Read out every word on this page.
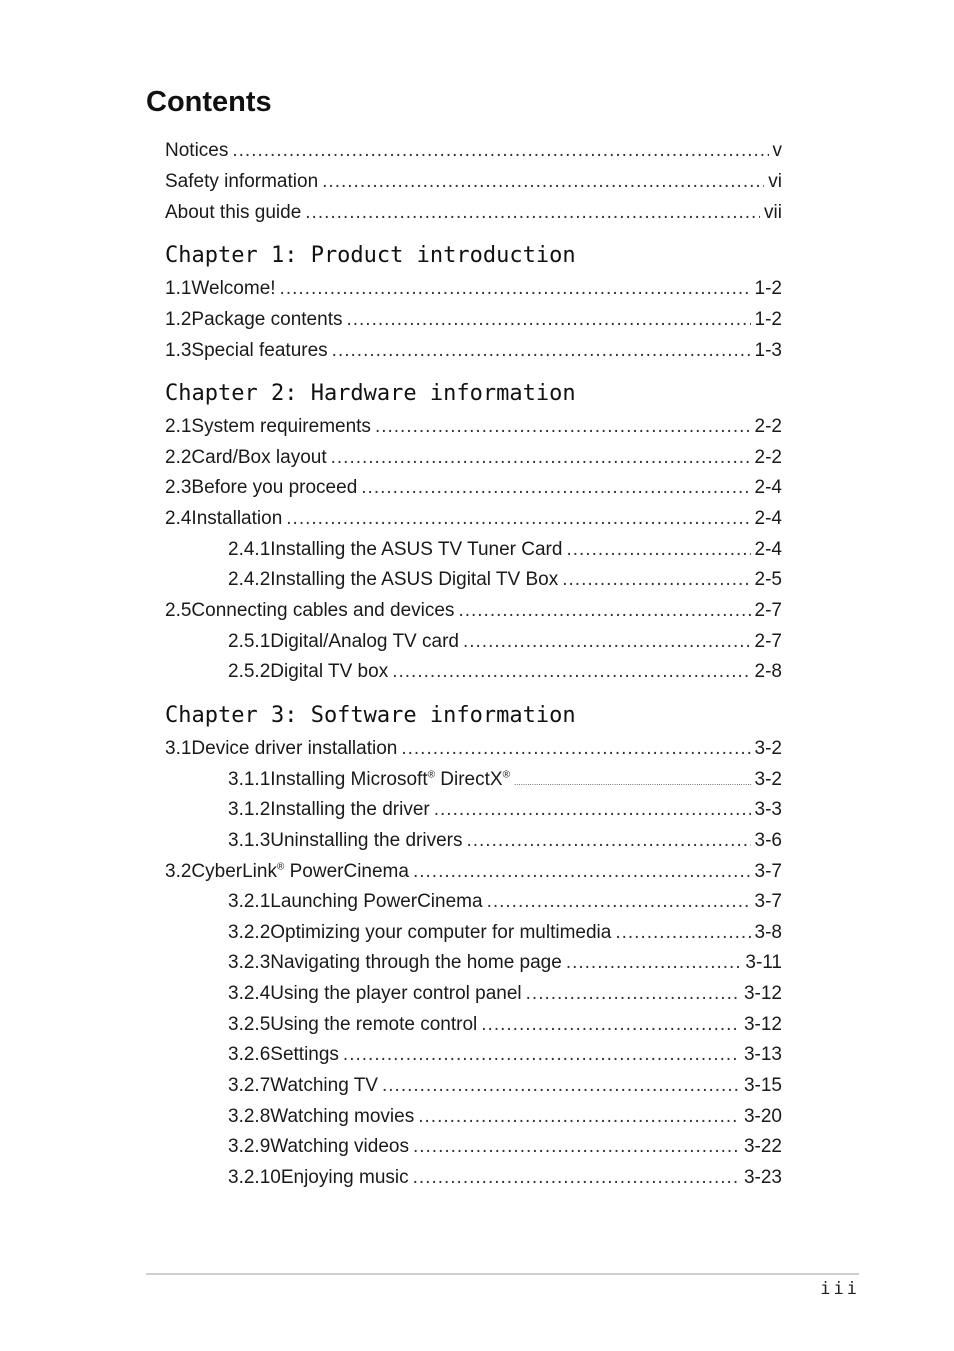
Contents
Notices .....	v
Safety information .....	vi
About this guide .....	vii
Chapter 1: Product introduction
1.1 Welcome! .....	1-2
1.2 Package contents .....	1-2
1.3 Special features .....	1-3
Chapter 2: Hardware information
2.1 System requirements .....	2-2
2.2 Card/Box layout .....	2-2
2.3 Before you proceed .....	2-4
2.4 Installation .....	2-4
2.4.1 Installing the ASUS TV Tuner Card .....	2-4
2.4.2 Installing the ASUS Digital TV Box .....	2-5
2.5 Connecting cables and devices .....	2-7
2.5.1 Digital/Analog TV card .....	2-7
2.5.2 Digital TV box .....	2-8
Chapter 3: Software information
3.1 Device driver installation .....	3-2
3.1.1 Installing Microsoft® DirectX® .....	3-2
3.1.2 Installing the driver .....	3-3
3.1.3 Uninstalling the drivers .....	3-6
3.2 CyberLink® PowerCinema .....	3-7
3.2.1 Launching PowerCinema .....	3-7
3.2.2 Optimizing your computer for multimedia .....	3-8
3.2.3 Navigating through the home page .....	3-11
3.2.4 Using the player control panel .....	3-12
3.2.5 Using the remote control .....	3-12
3.2.6 Settings .....	3-13
3.2.7 Watching TV .....	3-15
3.2.8 Watching movies .....	3-20
3.2.9 Watching videos .....	3-22
3.2.10 Enjoying music .....	3-23
iii
